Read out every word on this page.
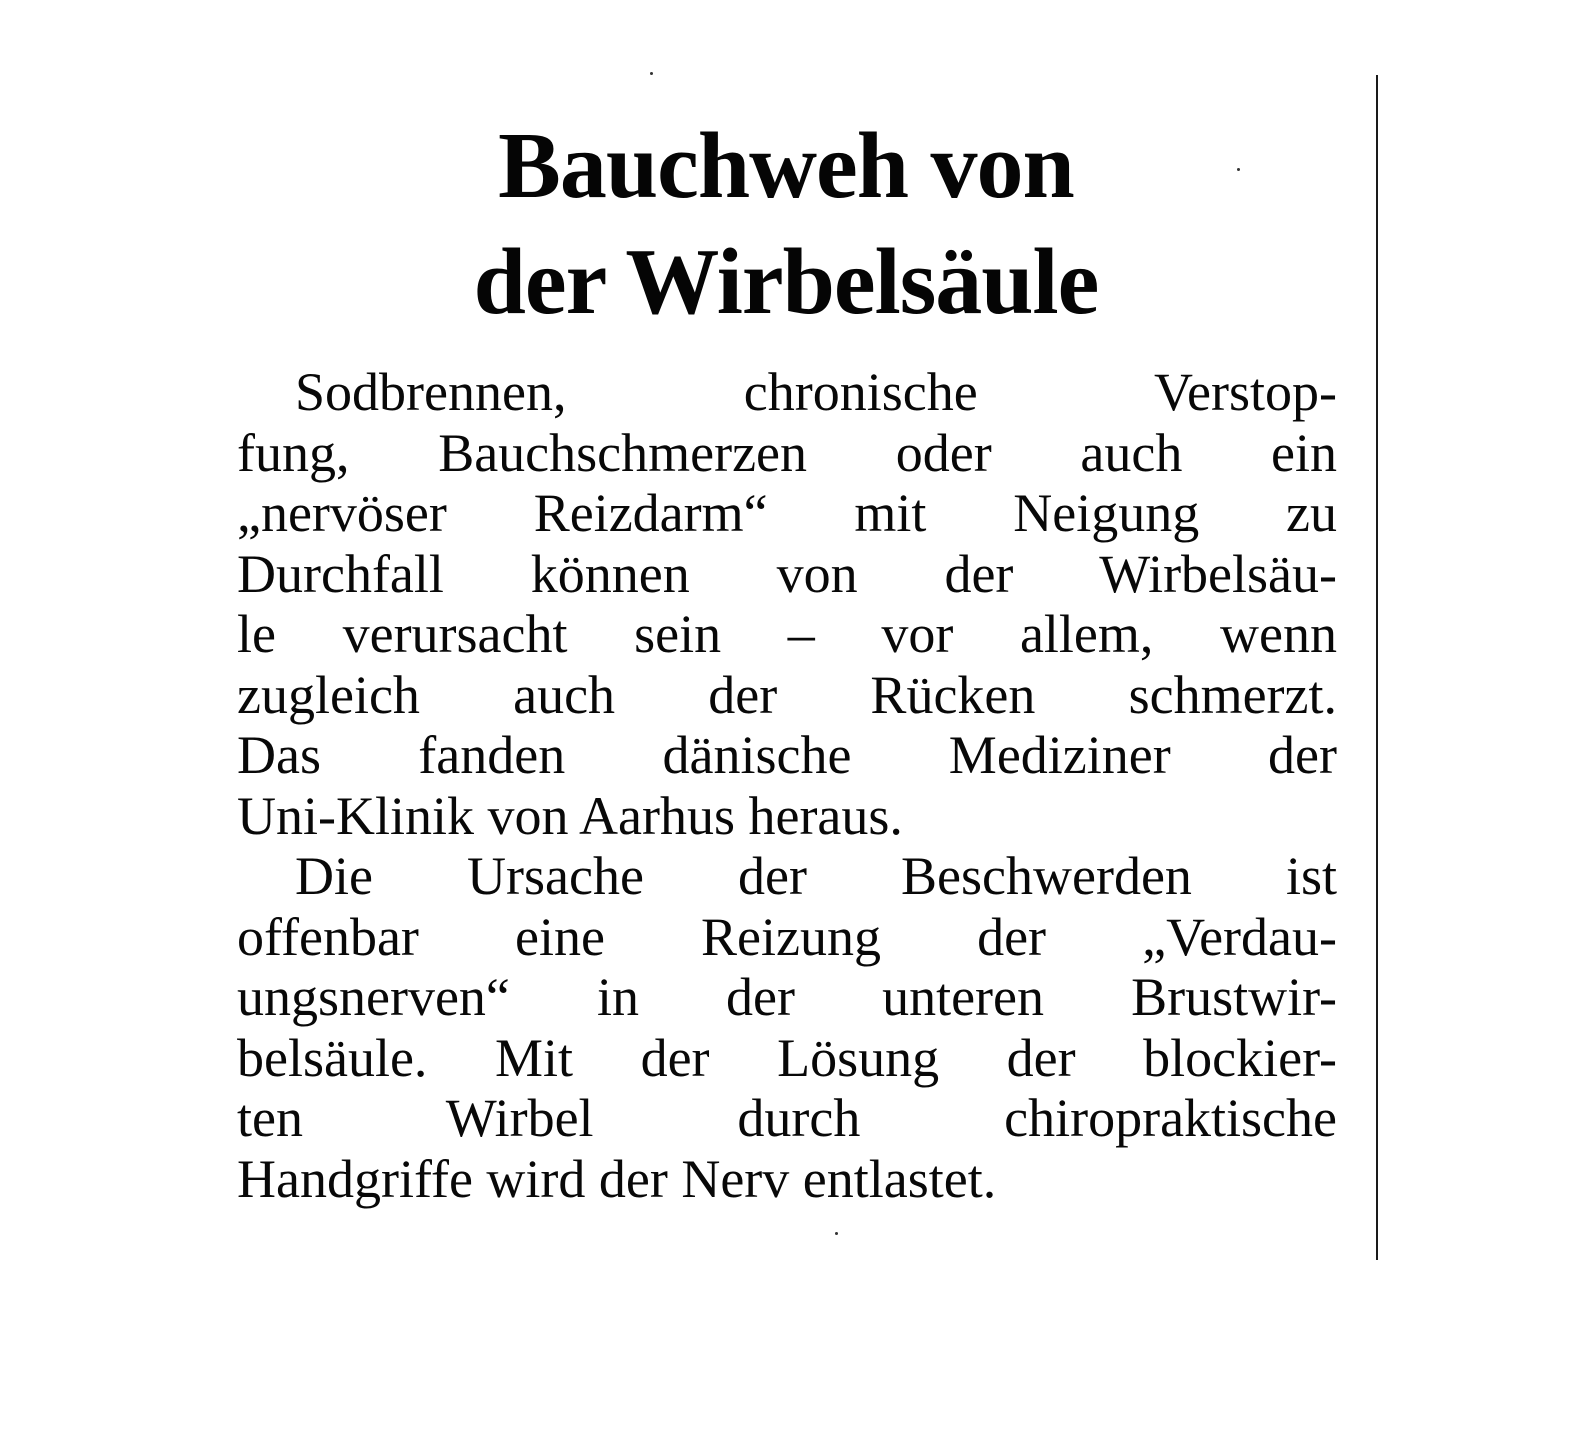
Bauchweh von
der Wirbelsäule
Sodbrennen, chronische Verstop-
fung, Bauchschmerzen oder auch ein
„nervöser Reizdarm“ mit Neigung zu
Durchfall können von der Wirbelsäu-
le verursacht sein – vor allem, wenn
zugleich auch der Rücken schmerzt.
Das fanden dänische Mediziner der
Uni-Klinik von Aarhus heraus.
Die Ursache der Beschwerden ist
offenbar eine Reizung der „Verdau-
ungsnerven“ in der unteren Brustwir-
belsäule. Mit der Lösung der blockier-
ten Wirbel durch chiropraktische
Handgriffe wird der Nerv entlastet.
